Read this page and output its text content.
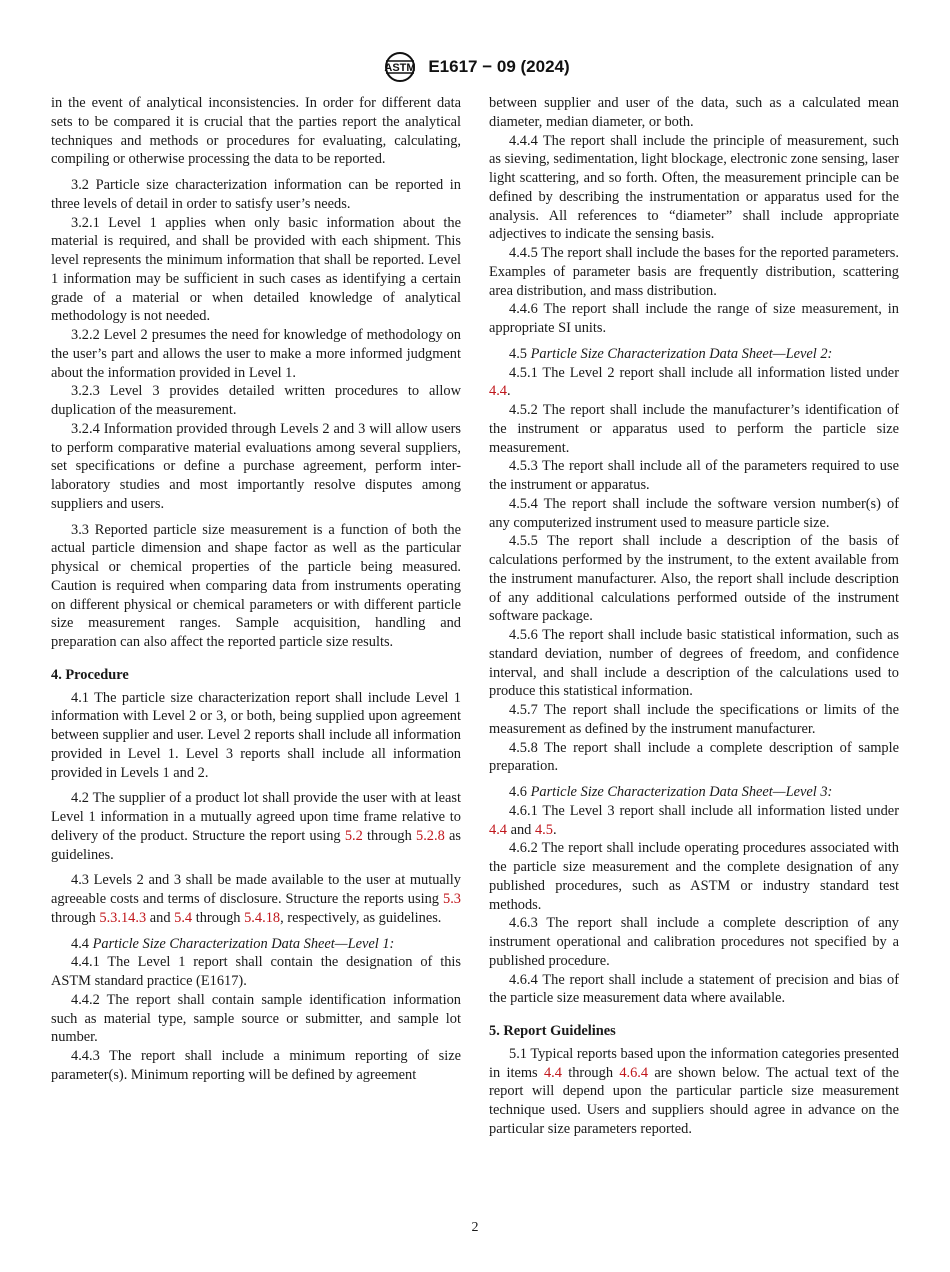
ASTM E1617 − 09 (2024)

in the event of analytical inconsistencies. In order for different data sets to be compared it is crucial that the parties report the analytical techniques and methods or procedures for evaluating, calculating, compiling or otherwise processing the data to be reported.

3.2 Particle size characterization information can be reported in three levels of detail in order to satisfy user’s needs.

3.2.1 Level 1 applies when only basic information about the material is required, and shall be provided with each shipment. This level represents the minimum information that shall be reported. Level 1 information may be sufficient in such cases as identifying a certain grade of a material or when detailed knowledge of analytical methodology is not needed.

3.2.2 Level 2 presumes the need for knowledge of methodology on the user’s part and allows the user to make a more informed judgment about the information provided in Level 1.

3.2.3 Level 3 provides detailed written procedures to allow duplication of the measurement.

3.2.4 Information provided through Levels 2 and 3 will allow users to perform comparative material evaluations among several suppliers, set specifications or define a purchase agreement, perform inter-laboratory studies and most importantly resolve disputes among suppliers and users.

3.3 Reported particle size measurement is a function of both the actual particle dimension and shape factor as well as the particular physical or chemical properties of the particle being measured. Caution is required when comparing data from instruments operating on different physical or chemical parameters or with different particle size measurement ranges. Sample acquisition, handling and preparation can also affect the reported particle size results.

4. Procedure

4.1 The particle size characterization report shall include Level 1 information with Level 2 or 3, or both, being supplied upon agreement between supplier and user. Level 2 reports shall include all information provided in Level 1. Level 3 reports shall include all information provided in Levels 1 and 2.

4.2 The supplier of a product lot shall provide the user with at least Level 1 information in a mutually agreed upon time frame relative to delivery of the product. Structure the report using 5.2 through 5.2.8 as guidelines.

4.3 Levels 2 and 3 shall be made available to the user at mutually agreeable costs and terms of disclosure. Structure the reports using 5.3 through 5.3.14.3 and 5.4 through 5.4.18, respectively, as guidelines.

4.4 Particle Size Characterization Data Sheet—Level 1:

4.4.1 The Level 1 report shall contain the designation of this ASTM standard practice (E1617).

4.4.2 The report shall contain sample identification information such as material type, sample source or submitter, and sample lot number.

4.4.3 The report shall include a minimum reporting of size parameter(s). Minimum reporting will be defined by agreement

between supplier and user of the data, such as a calculated mean diameter, median diameter, or both.

4.4.4 The report shall include the principle of measurement, such as sieving, sedimentation, light blockage, electronic zone sensing, laser light scattering, and so forth. Often, the measurement principle can be defined by describing the instrumentation or apparatus used for the analysis. All references to “diameter” shall include appropriate adjectives to indicate the sensing basis.

4.4.5 The report shall include the bases for the reported parameters. Examples of parameter basis are frequently distribution, scattering area distribution, and mass distribution.

4.4.6 The report shall include the range of size measurement, in appropriate SI units.

4.5 Particle Size Characterization Data Sheet—Level 2:

4.5.1 The Level 2 report shall include all information listed under 4.4.

4.5.2 The report shall include the manufacturer’s identification of the instrument or apparatus used to perform the particle size measurement.

4.5.3 The report shall include all of the parameters required to use the instrument or apparatus.

4.5.4 The report shall include the software version number(s) of any computerized instrument used to measure particle size.

4.5.5 The report shall include a description of the basis of calculations performed by the instrument, to the extent available from the instrument manufacturer. Also, the report shall include description of any additional calculations performed outside of the instrument software package.

4.5.6 The report shall include basic statistical information, such as standard deviation, number of degrees of freedom, and confidence interval, and shall include a description of the calculations used to produce this statistical information.

4.5.7 The report shall include the specifications or limits of the measurement as defined by the instrument manufacturer.

4.5.8 The report shall include a complete description of sample preparation.

4.6 Particle Size Characterization Data Sheet—Level 3:

4.6.1 The Level 3 report shall include all information listed under 4.4 and 4.5.

4.6.2 The report shall include operating procedures associated with the particle size measurement and the complete designation of any published procedures, such as ASTM or industry standard test methods.

4.6.3 The report shall include a complete description of any instrument operational and calibration procedures not specified by a published procedure.

4.6.4 The report shall include a statement of precision and bias of the particle size measurement data where available.

5. Report Guidelines

5.1 Typical reports based upon the information categories presented in items 4.4 through 4.6.4 are shown below. The actual text of the report will depend upon the particular particle size measurement technique used. Users and suppliers should agree in advance on the particular size parameters reported.

2
